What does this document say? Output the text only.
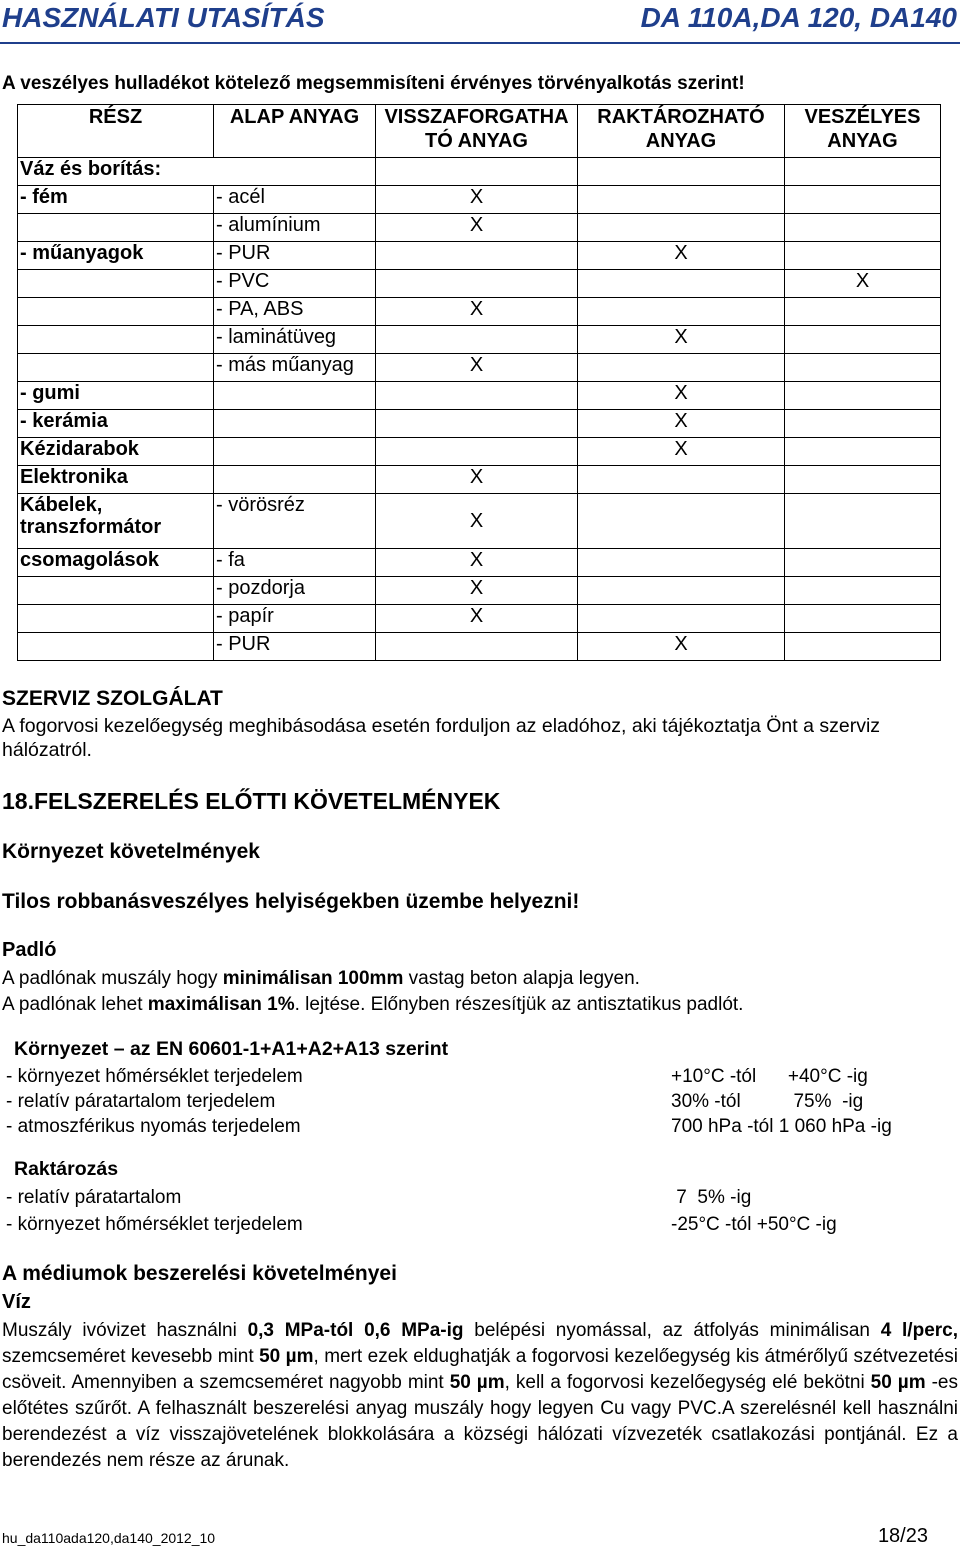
HASZNÁLATI UTASÍTÁS	DA 110A,DA 120, DA140
A veszélyes hulladékot kötelező megsemmisíteni érvényes törvényalkotás szerint!
RÉSZ	ALAP ANYAG	VISSZAFORGATHA TÓ ANYAG	RAKTÁROZHATÓ ANYAG	VESZÉLYES ANYAG
Váz és borítás:				
- fém	- acél	X		
	- alumínium	X		
- műanyagok	- PUR		X	
	- PVC			X
	- PA, ABS	X		
	- laminátüveg		X	
	- más műanyag	X		
- gumi			X	
- kerámia			X	
Kézidarabok			X	
Elektronika		X		
Kábelek, transzformátor	- vörösréz	X		
csomagolások	- fa	X		
	- pozdorja	X		
	- papír	X		
	- PUR		X	
SZERVIZ SZOLGÁLAT
A fogorvosi kezelőegység meghibásodása esetén forduljon az eladóhoz, aki tájékoztatja Önt a szerviz hálózatról.
18.FELSZERELÉS ELŐTTI KÖVETELMÉNYEK
Környezet követelmények
Tilos robbanásveszélyes helyiségekben üzembe helyezni!
Padló
A padlónak muszály hogy minimálisan 100mm vastag beton alapja legyen.
A padlónak lehet maximálisan 1%. lejtése. Előnyben részesítjük az antisztatikus padlót.
Környezet – az EN 60601-1+A1+A2+A13 szerint
- környezet hőmérséklet terjedelem	+10°C -tól      +40°C -ig
- relatív páratartalom terjedelem	30% -tól          75%  -ig
- atmoszférikus nyomás terjedelem	700 hPa -tól 1 060 hPa -ig
Raktározás
- relatív páratartalom	7  5% -ig
- környezet hőmérséklet terjedelem	-25°C -tól +50°C -ig
A médiumok beszerelési követelményei
Víz
Muszály ivóvizet használni 0,3 MPa-tól 0,6 MPa-ig belépési nyomással, az átfolyás minimálisan 4 l/perc, szemcseméret kevesebb mint 50 µm, mert ezek eldughatják a fogorvosi kezelőegység kis átmérőlyű szétvezetési csöveit. Amennyiben a szemcseméret nagyobb mint 50 µm, kell a fogorvosi kezelőegység elé bekötni 50 µm -es előtétes szűrőt. A felhasznált beszerelési anyag muszály hogy legyen Cu vagy PVC.A szerelésnél kell használni berendezést a víz visszajövetelének blokkolására a községi hálózati vízvezeték csatlakozási pontjánál. Ez a berendezés nem része az árunak.
hu_da110ada120,da140_2012_10	18/23
